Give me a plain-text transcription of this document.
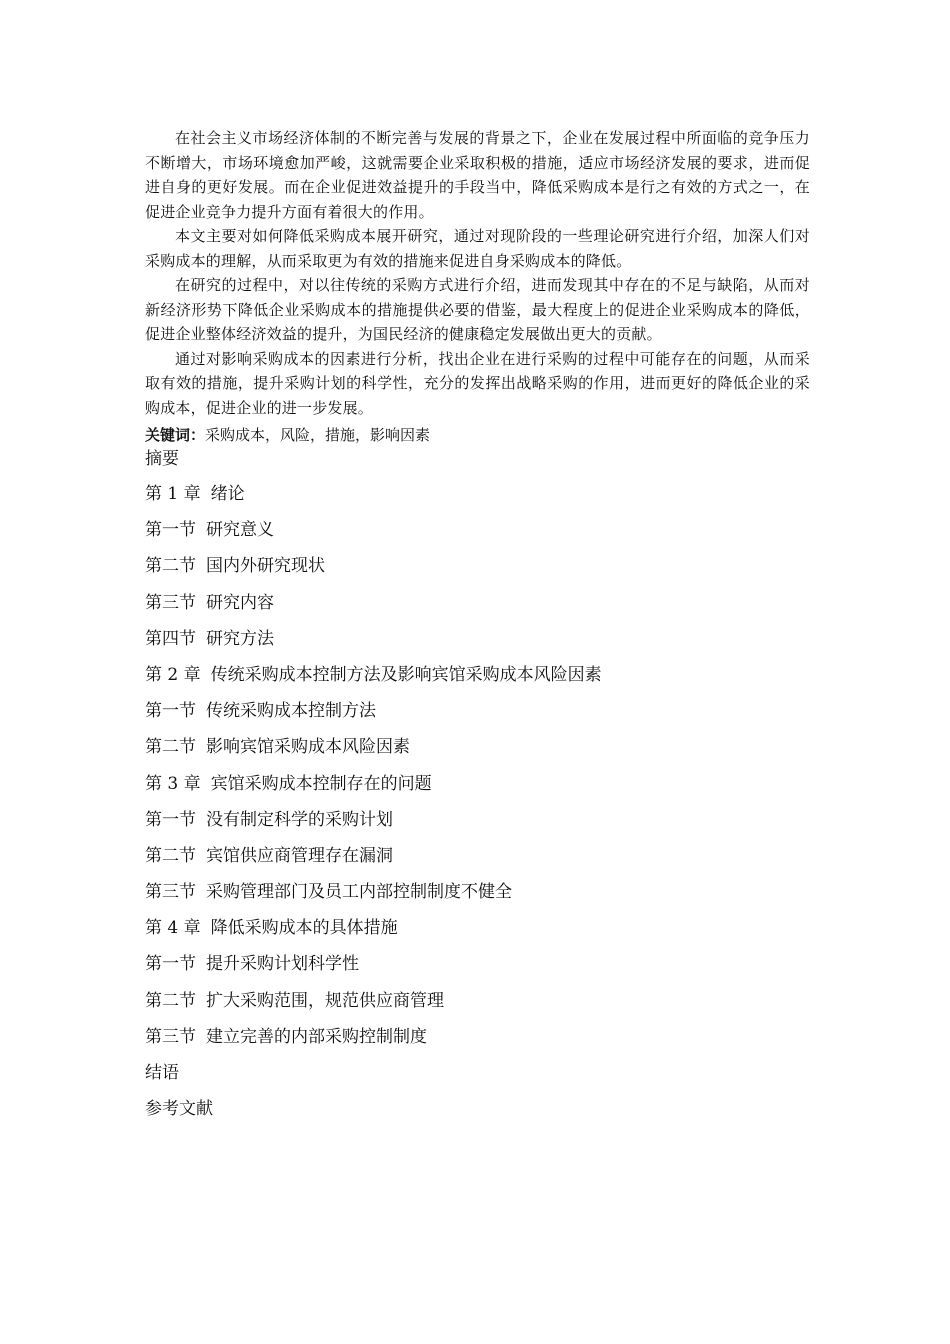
在社会主义市场经济体制的不断完善与发展的背景之下，企业在发展过程中所面临的竞争压力不断增大，市场环境愈加严峻，这就需要企业采取积极的措施，适应市场经济发展的要求，进而促进自身的更好发展。而在企业促进效益提升的手段当中，降低采购成本是行之有效的方式之一，在促进企业竞争力提升方面有着很大的作用。

本文主要对如何降低采购成本展开研究，通过对现阶段的一些理论研究进行介绍，加深人们对采购成本的理解，从而采取更为有效的措施来促进自身采购成本的降低。

在研究的过程中，对以往传统的采购方式进行介绍，进而发现其中存在的不足与缺陷，从而对新经济形势下降低企业采购成本的措施提供必要的借鉴，最大程度上的促进企业采购成本的降低，促进企业整体经济效益的提升，为国民经济的健康稳定发展做出更大的贡献。

通过对影响采购成本的因素进行分析，找出企业在进行采购的过程中可能存在的问题，从而采取有效的措施，提升采购计划的科学性，充分的发挥出战略采购的作用，进而更好的降低企业的采购成本，促进企业的进一步发展。

关键词：采购成本，风险，措施，影响因素
摘要
第 1 章 绪论
第一节 研究意义
第二节 国内外研究现状
第三节 研究内容
第四节 研究方法
第 2 章 传统采购成本控制方法及影响宾馆采购成本风险因素
第一节 传统采购成本控制方法
第二节 影响宾馆采购成本风险因素
第 3 章 宾馆采购成本控制存在的问题
第一节 没有制定科学的采购计划
第二节 宾馆供应商管理存在漏洞
第三节 采购管理部门及员工内部控制制度不健全
第 4 章 降低采购成本的具体措施
第一节 提升采购计划科学性
第二节 扩大采购范围，规范供应商管理
第三节 建立完善的内部采购控制制度
结语
参考文献
